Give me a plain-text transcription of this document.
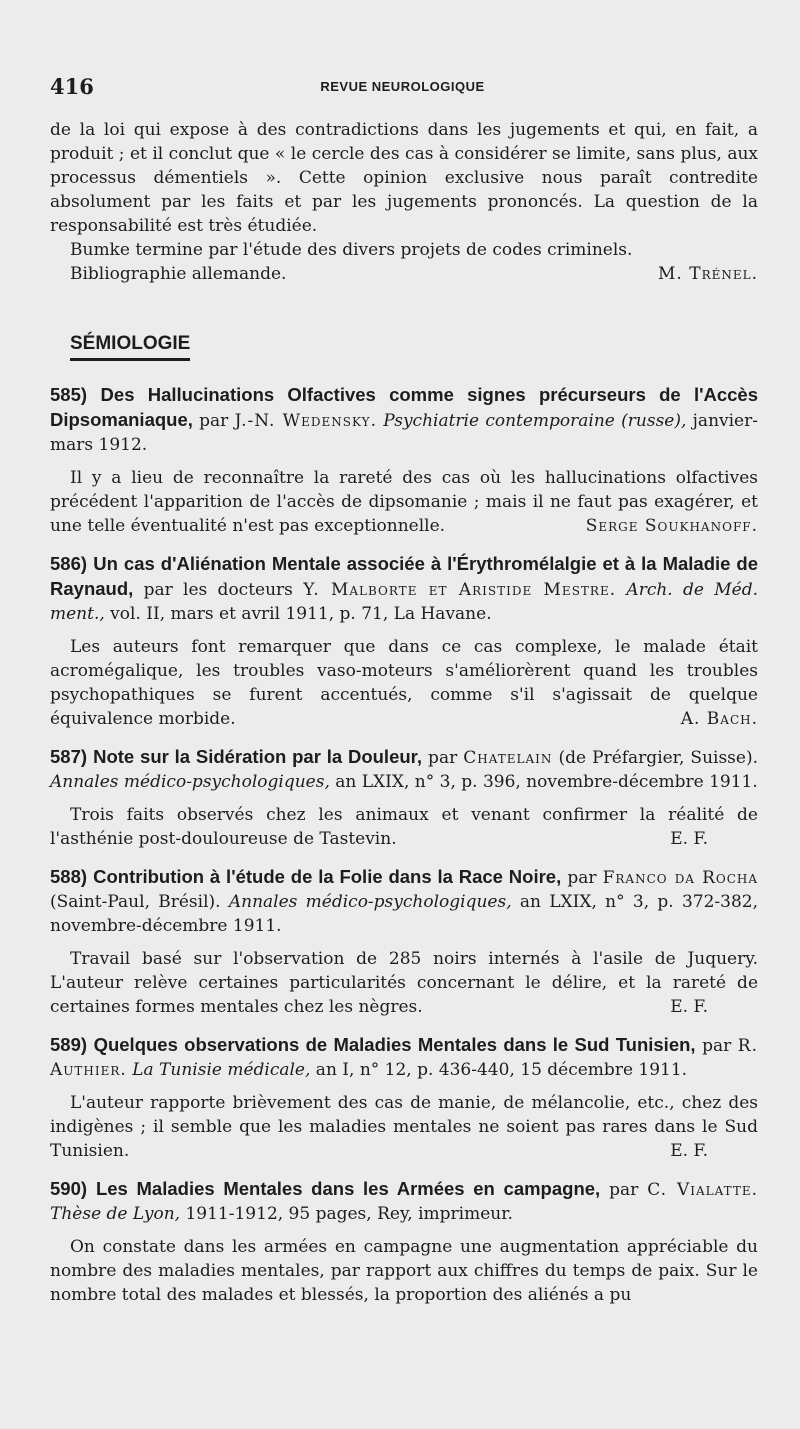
416	REVUE NEUROLOGIQUE

de la loi qui expose à des contradictions dans les jugements et qui, en fait, a produit ; et il conclut que « le cercle des cas à considérer se limite, sans plus, aux processus démentiels ». Cette opinion exclusive nous paraît contredite absolument par les faits et par les jugements prononcés. La question de la responsabilité est très étudiée.

Bumke termine par l'étude des divers projets de codes criminels.

Bibliographie allemande.	M. Trénel.
SÉMIOLOGIE

585) Des Hallucinations Olfactives comme signes précurseurs de l'Accès Dipsomaniaque, par J.-N. Wedensky. Psychiatrie contemporaine (russe), janvier-mars 1912.

Il y a lieu de reconnaître la rareté des cas où les hallucinations olfactives précédent l'apparition de l'accès de dipsomanie ; mais il ne faut pas exagérer, et une telle éventualité n'est pas exceptionnelle.	Serge Soukhanoff.

586) Un cas d'Aliénation Mentale associée à l'Érythromélalgie et à la Maladie de Raynaud, par les docteurs Y. Malborte et Aristide Mestre. Arch. de Méd. ment., vol. II, mars et avril 1911, p. 71, La Havane.

Les auteurs font remarquer que dans ce cas complexe, le malade était acromégalique, les troubles vaso-moteurs s'améliorèrent quand les troubles psychopathiques se furent accentués, comme s'il s'agissait de quelque équivalence morbide.	A. Bach.

587) Note sur la Sidération par la Douleur, par Chatelain (de Préfargier, Suisse). Annales médico-psychologiques, an LXIX, n° 3, p. 396, novembre-décembre 1911.

Trois faits observés chez les animaux et venant confirmer la réalité de l'asthénie post-douloureuse de Tastevin.	E. F.

588) Contribution à l'étude de la Folie dans la Race Noire, par Franco da Rocha (Saint-Paul, Brésil). Annales médico-psychologiques, an LXIX, n° 3, p. 372-382, novembre-décembre 1911.

Travail basé sur l'observation de 285 noirs internés à l'asile de Juquery. L'auteur relève certaines particularités concernant le délire, et la rareté de certaines formes mentales chez les nègres.	E. F.

589) Quelques observations de Maladies Mentales dans le Sud Tunisien, par R. Authier. La Tunisie médicale, an I, n° 12, p. 436-440, 15 décembre 1911.

L'auteur rapporte brièvement des cas de manie, de mélancolie, etc., chez des indigènes ; il semble que les maladies mentales ne soient pas rares dans le Sud Tunisien.	E. F.

590) Les Maladies Mentales dans les Armées en campagne, par C. Vialatte. Thèse de Lyon, 1911-1912, 95 pages, Rey, imprimeur.

On constate dans les armées en campagne une augmentation appréciable du nombre des maladies mentales, par rapport aux chiffres du temps de paix. Sur le nombre total des malades et blessés, la proportion des aliénés a pu
